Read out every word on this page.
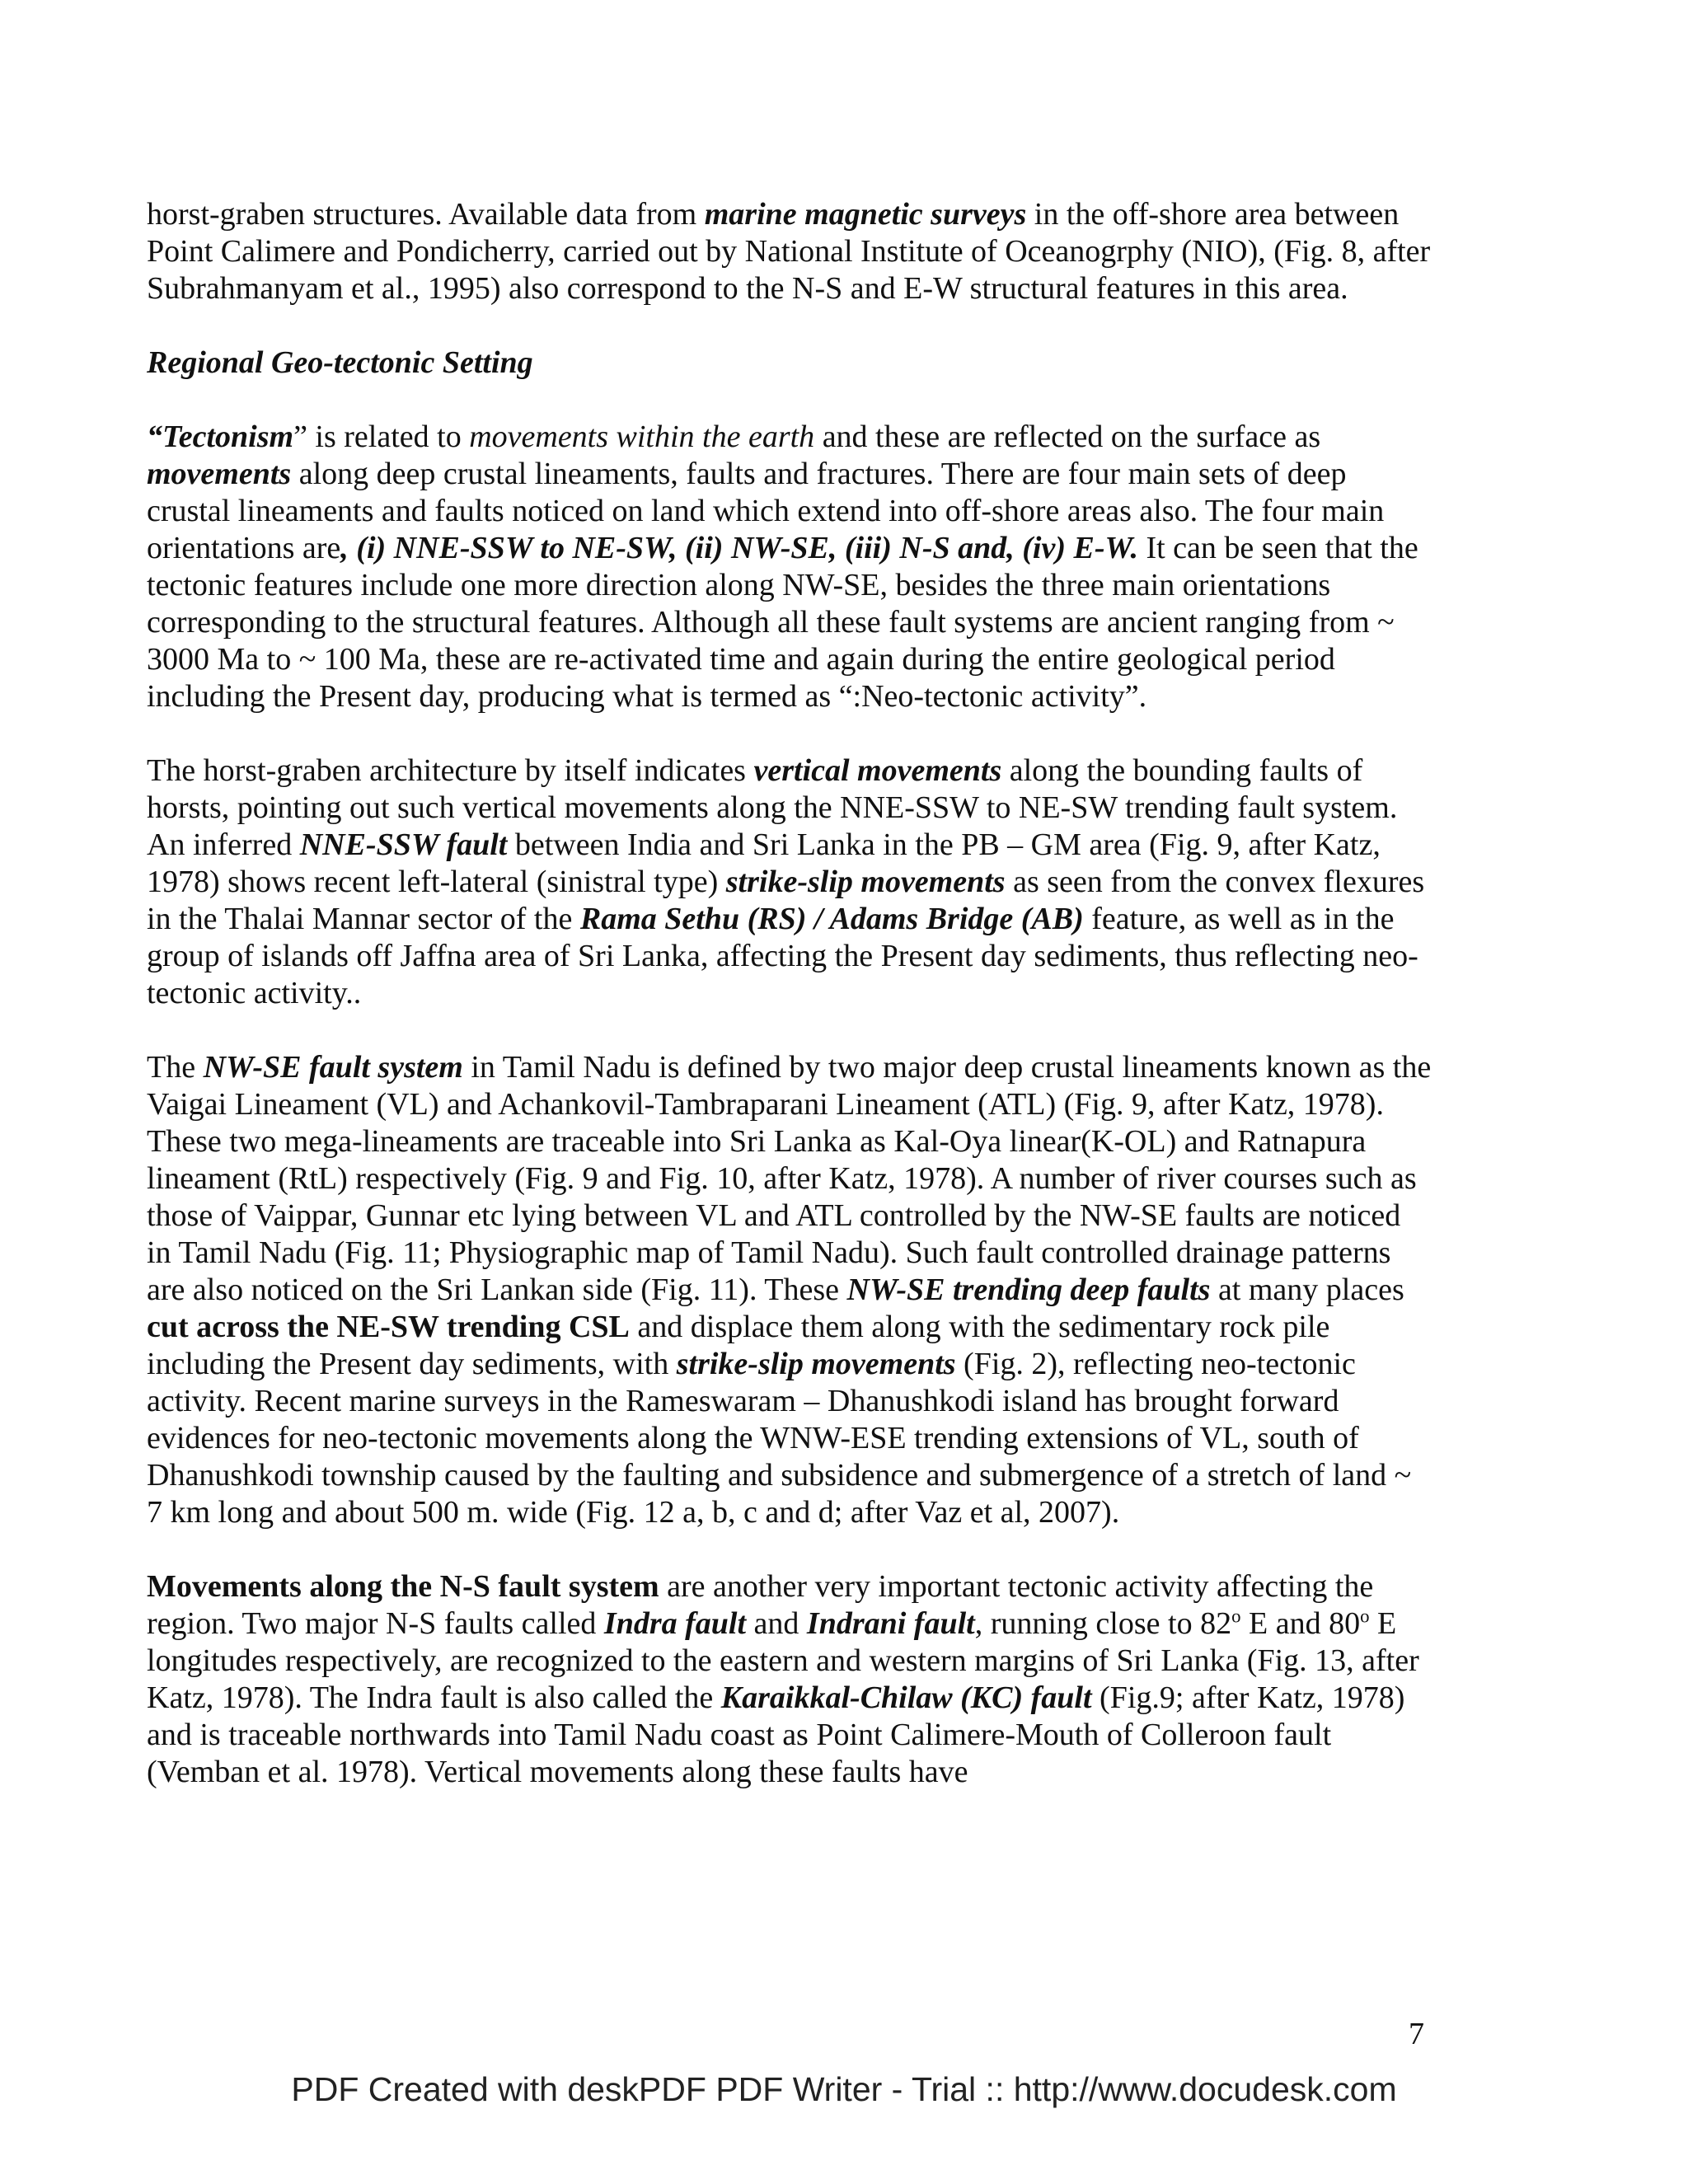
horst-graben structures. Available data from marine magnetic surveys in the off-shore area between Point Calimere and Pondicherry, carried out by National Institute of Oceanogrphy (NIO), (Fig. 8, after Subrahmanyam et al., 1995) also correspond to the N-S and E-W structural features in this area.

Regional Geo-tectonic Setting

“Tectonism” is related to movements within the earth and these are reflected on the surface as movements along deep crustal lineaments, faults and fractures. There are four main sets of deep crustal lineaments and faults noticed on land which extend into off-shore areas also. The four main orientations are, (i) NNE-SSW to NE-SW, (ii) NW-SE, (iii) N-S and, (iv) E-W. It can be seen that the tectonic features include one more direction along NW-SE, besides the three main orientations corresponding to the structural features. Although all these fault systems are ancient ranging from ~ 3000 Ma to ~ 100 Ma, these are re-activated time and again during the entire geological period including the Present day, producing what is termed as “:Neo-tectonic activity”.

The horst-graben architecture by itself indicates vertical movements along the bounding faults of horsts, pointing out such vertical movements along the NNE-SSW to NE-SW trending fault system. An inferred NNE-SSW fault between India and Sri Lanka in the PB – GM area (Fig. 9, after Katz, 1978) shows recent left-lateral (sinistral type) strike-slip movements as seen from the convex flexures in the Thalai Mannar sector of the Rama Sethu (RS) / Adams Bridge (AB) feature, as well as in the group of islands off Jaffna area of Sri Lanka, affecting the Present day sediments, thus reflecting neo-tectonic activity..

The NW-SE fault system in Tamil Nadu is defined by two major deep crustal lineaments known as the Vaigai Lineament (VL) and Achankovil-Tambraparani Lineament (ATL) (Fig. 9, after Katz, 1978). These two mega-lineaments are traceable into Sri Lanka as Kal-Oya linear(K-OL) and Ratnapura lineament (RtL) respectively (Fig. 9 and Fig. 10, after Katz, 1978). A number of river courses such as those of Vaippar, Gunnar etc lying between VL and ATL controlled by the NW-SE faults are noticed in Tamil Nadu (Fig. 11; Physiographic map of Tamil Nadu). Such fault controlled drainage patterns are also noticed on the Sri Lankan side (Fig. 11). These NW-SE trending deep faults at many places cut across the NE-SW trending CSL and displace them along with the sedimentary rock pile including the Present day sediments, with strike-slip movements (Fig. 2), reflecting neo-tectonic activity. Recent marine surveys in the Rameswaram – Dhanushkodi island has brought forward evidences for neo-tectonic movements along the WNW-ESE trending extensions of VL, south of Dhanushkodi township caused by the faulting and subsidence and submergence of a stretch of land ~ 7 km long and about 500 m. wide (Fig. 12 a, b, c and d; after Vaz et al, 2007).

Movements along the N-S fault system are another very important tectonic activity affecting the region. Two major N-S faults called Indra fault and Indrani fault, running close to 82$^o$ E and 80$^o$ E longitudes respectively, are recognized to the eastern and western margins of Sri Lanka (Fig. 13, after Katz, 1978). The Indra fault is also called the Karaikkal-Chilaw (KC) fault (Fig.9; after Katz, 1978) and is traceable northwards into Tamil Nadu coast as Point Calimere-Mouth of Colleroon fault (Vemban et al. 1978). Vertical movements along these faults have

7
PDF Created with deskPDF PDF Writer - Trial :: http://www.docudesk.com
